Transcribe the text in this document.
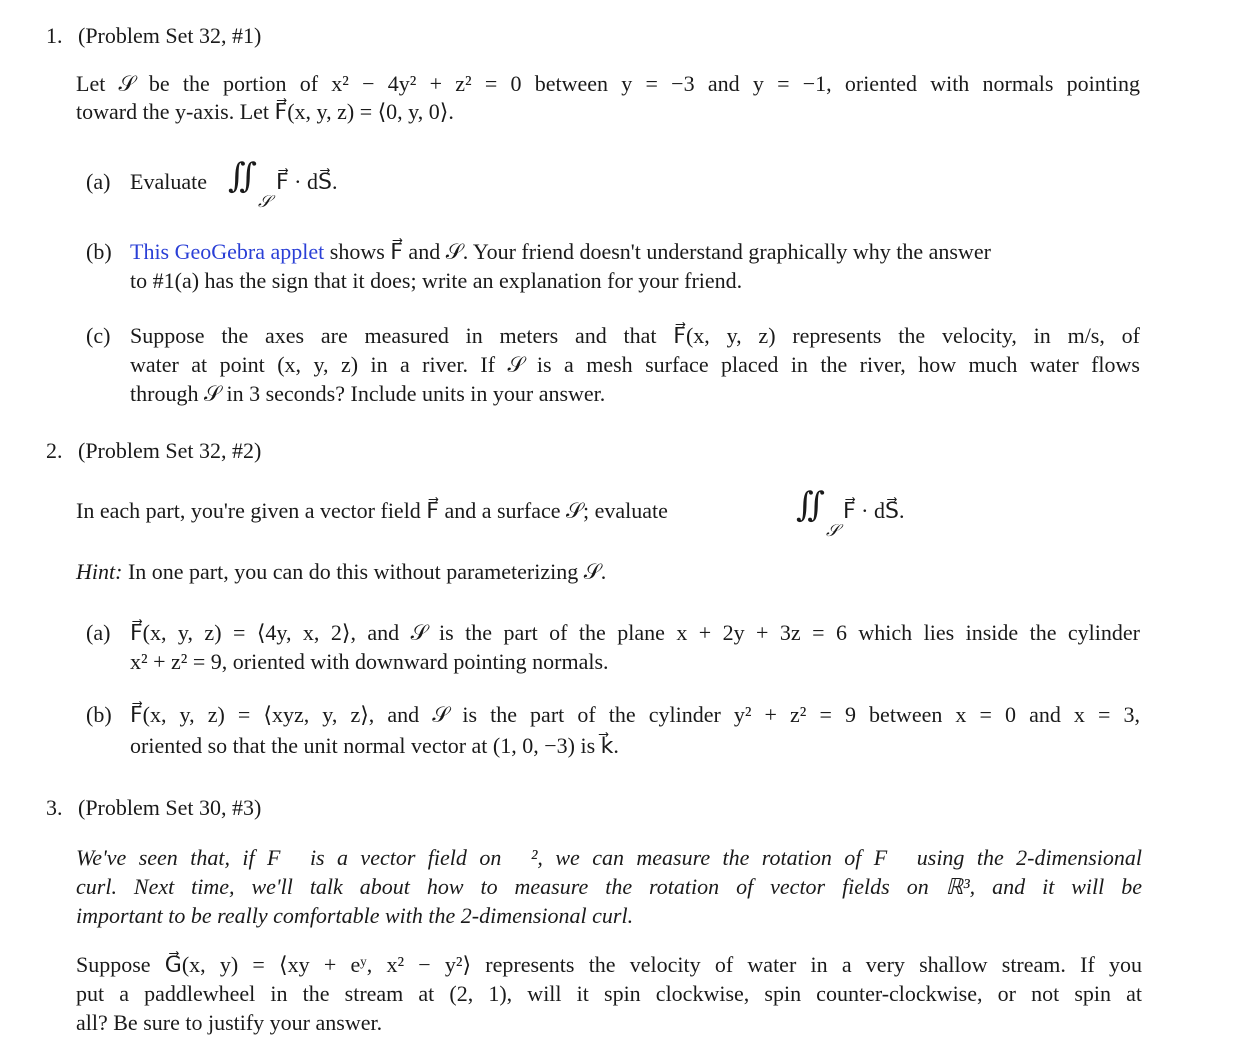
1. (Problem Set 32, #1)
Let 𝒮 be the portion of x² − 4y² + z² = 0 between y = −3 and y = −1, oriented with normals pointing
toward the y-axis. Let F⃗(x, y, z) = ⟨0, y, 0⟩.
(a) Evaluate ∬
𝒮
F⃗ · dS⃗.
(b) This GeoGebra applet shows F⃗ and 𝒮. Your friend doesn't understand graphically why the answer
to #1(a) has the sign that it does; write an explanation for your friend.
(c) Suppose the axes are measured in meters and that F⃗(x, y, z) represents the velocity, in m/s, of
water at point (x, y, z) in a river. If 𝒮 is a mesh surface placed in the river, how much water flows
through 𝒮 in 3 seconds? Include units in your answer.
2. (Problem Set 32, #2)
In each part, you're given a vector field F⃗ and a surface 𝒮; evaluate	∬
𝒮
F⃗ · dS⃗.
Hint: In one part, you can do this without parameterizing 𝒮.
(a) F⃗(x, y, z) = ⟨4y, x, 2⟩, and 𝒮 is the part of the plane x + 2y + 3z = 6 which lies inside the cylinder
x² + z² = 9, oriented with downward pointing normals.
(b) F⃗(x, y, z) = ⟨xyz, y, z⟩, and 𝒮 is the part of the cylinder y² + z² = 9 between x = 0 and x = 3,
oriented so that the unit normal vector at (1, 0, −3) is k⃗.
3. (Problem Set 30, #3)
We've seen that, if F⃗ is a vector field on ℝ², we can measure the rotation of F⃗ using the 2-dimensional
curl. Next time, we'll talk about how to measure the rotation of vector fields on ℝ³, and it will be
important to be really comfortable with the 2-dimensional curl.
Suppose G⃗(x, y) = ⟨xy + eʸ, x² − y²⟩ represents the velocity of water in a very shallow stream. If you
put a paddlewheel in the stream at (2, 1), will it spin clockwise, spin counter-clockwise, or not spin at
all? Be sure to justify your answer.
